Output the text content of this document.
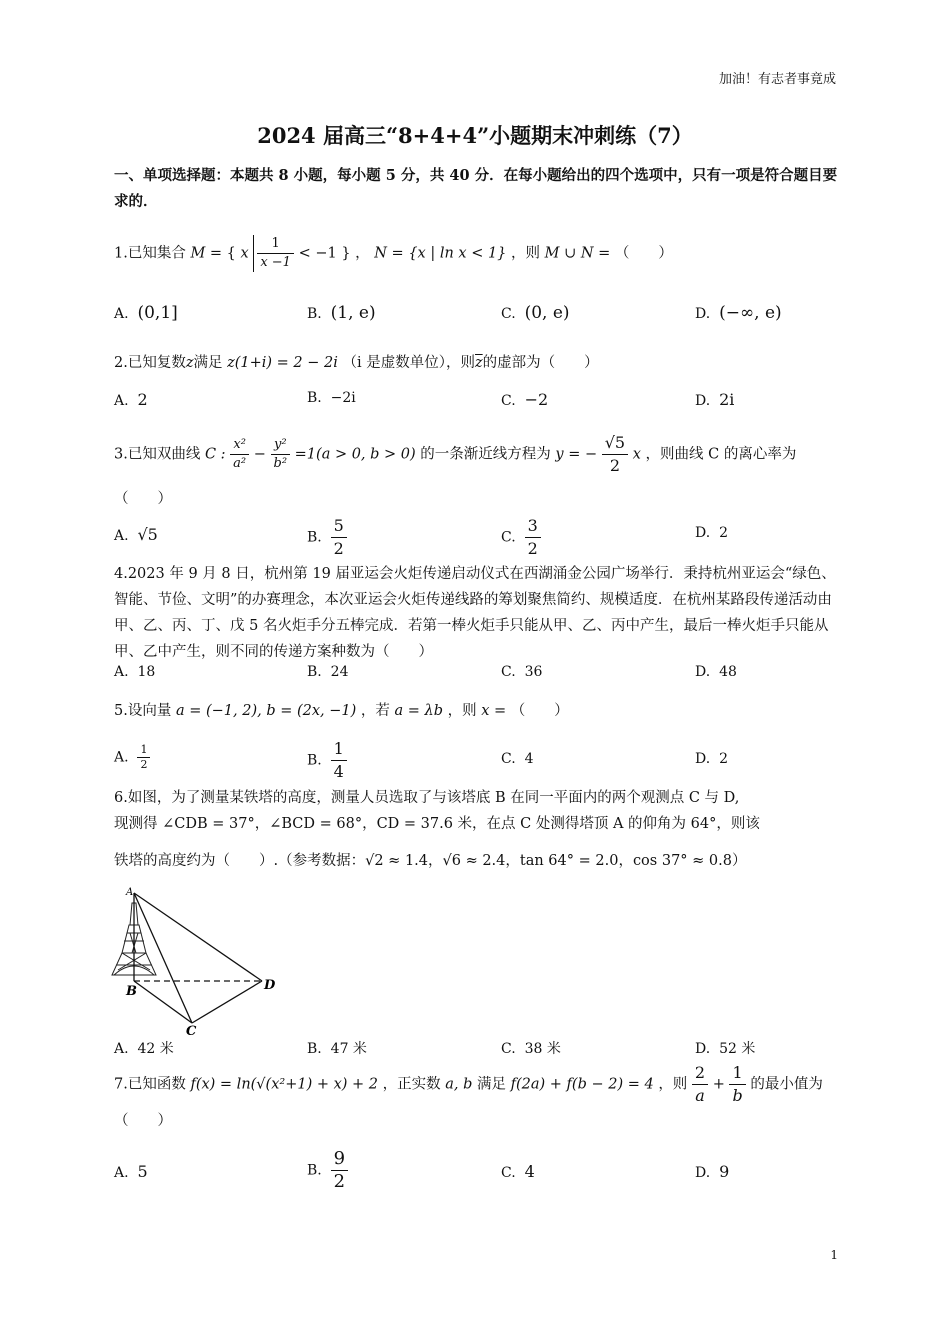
加油！有志者事竟成
2024 届高三“8+4+4”小题期末冲刺练（7）
一、单项选择题：本题共 8 小题，每小题 5 分，共 40 分．在每小题给出的四个选项中，只有一项是符合题目要求的．
1.已知集合 M = { x $\frac{1}{x -1} < -1$ } ， N = {x | ln x < 1} ，则 M ∪ N = （　　）
A. (0,1]	B. (1, e)	C. (0, e)	D. (−∞, e)
2.已知复数z满足 z(1+i) = 2 − 2i （i 是虚数单位），则$\overline{z}$的虚部为（　　）
A. 2	B. −2i	C. −2	D. 2i
3.已知双曲线 C : $\frac{\text{x²}}{\text{a²}} - \frac{\text{y²}}{\text{b²}} =1(a > 0$, b > 0) 的一条渐近线方程为 y = − $\frac{√5}{2}$ x ，则曲线 C 的离心率为
（　　）
A. √5	B. $\frac{5}{2}$	C. $\frac{3}{2}$	D. 2
4.2023 年 9 月 8 日，杭州第 19 届亚运会火炬传递启动仪式在西湖涌金公园广场举行．秉持杭州亚运会“绿色、智能、节俭、文明”的办赛理念，本次亚运会火炬传递线路的筹划聚焦简约、规模适度．在杭州某路段传递活动由甲、乙、丙、丁、戊 5 名火炬手分五棒完成．若第一棒火炬手只能从甲、乙、丙中产生，最后一棒火炬手只能从甲、乙中产生，则不同的传递方案种数为（　　）
A. 18	B. 24	C. 36	D. 48
5.设向量 a = (−1, 2), b = (2x, −1) ，若 a = λb ，则 x = （　　）
A. $\frac{1}{2}$	B. $\frac{1}{4}$	C. 4	D. 2
6.如图，为了测量某铁塔的高度，测量人员选取了与该塔底 B 在同一平面内的两个观测点 C 与 D,
现测得 ∠CDB = 37°，∠BCD = 68°，CD = 37.6 米，在点 C 处测得塔顶 A 的仰角为 64°，则该
铁塔的高度约为（　　）.（参考数据：√2 ≈ 1.4，√6 ≈ 2.4，tan 64° = 2.0，cos 37° ≈ 0.8）
A
B
C
D
A. 42 米	B. 47 米	C. 38 米	D. 52 米
7.已知函数 f(x) = ln(√(x²+1) + x) + 2 ，正实数 a, b 满足 f(2a) + f(b − 2) = 4 ，则 $\frac{2}{a} + \frac{1}{b}$ 的最小值为
（　　）
A. 5	B. $\frac{9}{2}$	C. 4	D. 9
1
